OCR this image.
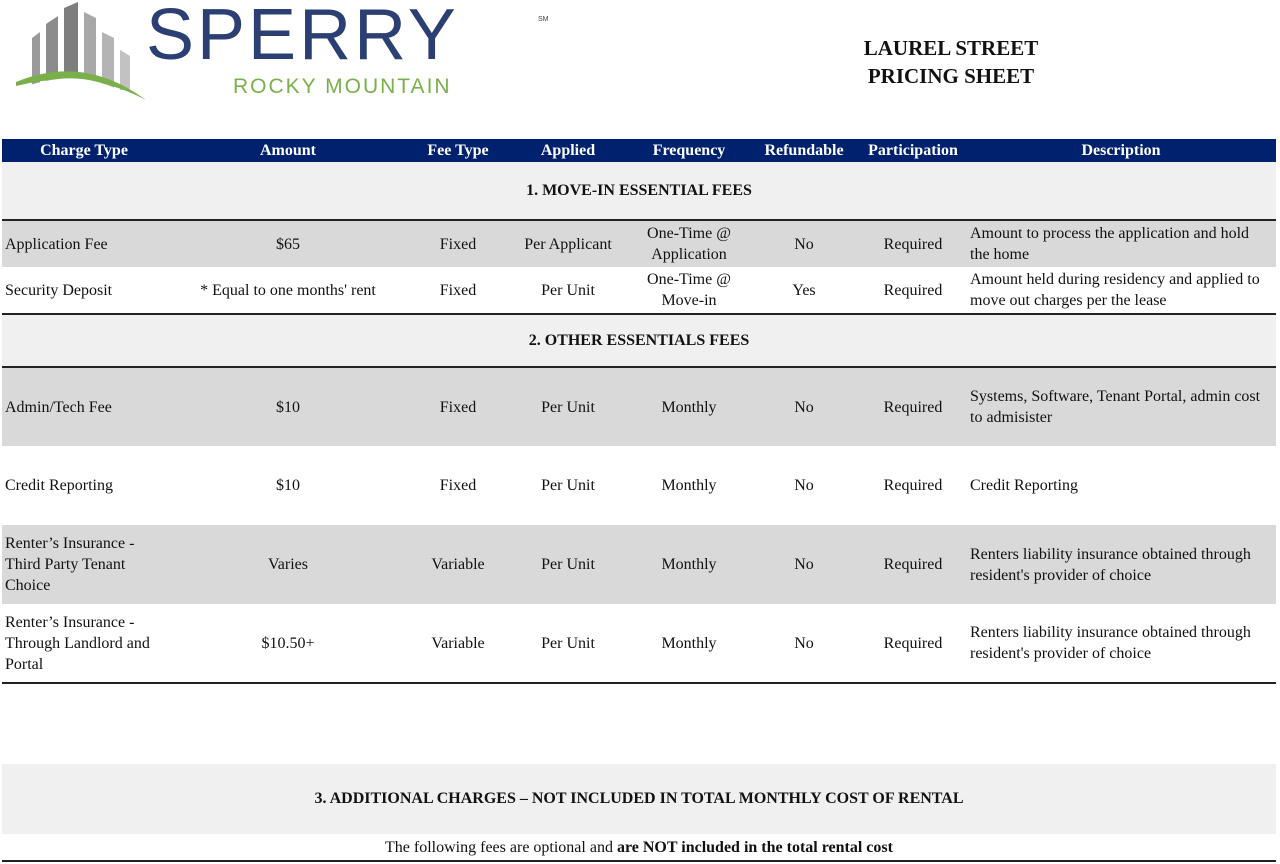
SPERRY	SM
ROCKY MOUNTAIN
LAUREL STREET
PRICING SHEET
Charge Type	Amount	Fee Type	Applied	Frequency	Refundable	Participation	Description
1. MOVE-IN ESSENTIAL FEES							
Application Fee	$65	Fixed	Per Applicant	One-Time @ Application	No	Required	Amount to process the application and hold the home
Security Deposit	* Equal to one months' rent	Fixed	Per Unit	One-Time @ Move-in	Yes	Required	Amount held during residency and applied to move out charges per the lease
2. OTHER ESSENTIALS FEES							
Admin/Tech Fee	$10	Fixed	Per Unit	Monthly	No	Required	Systems, Software, Tenant Portal, admin cost to admisister
Credit Reporting	$10	Fixed	Per Unit	Monthly	No	Required	Credit Reporting
Renter’s Insurance - Third Party Tenant Choice	Varies	Variable	Per Unit	Monthly	No	Required	Renters liability insurance obtained through resident's provider of choice
Renter’s Insurance - Through Landlord and Portal	$10.50+	Variable	Per Unit	Monthly	No	Required	Renters liability insurance obtained through resident's provider of choice
3. ADDITIONAL CHARGES – NOT INCLUDED IN TOTAL MONTHLY COST OF RENTAL
The following fees are optional and are NOT included in the total rental cost
